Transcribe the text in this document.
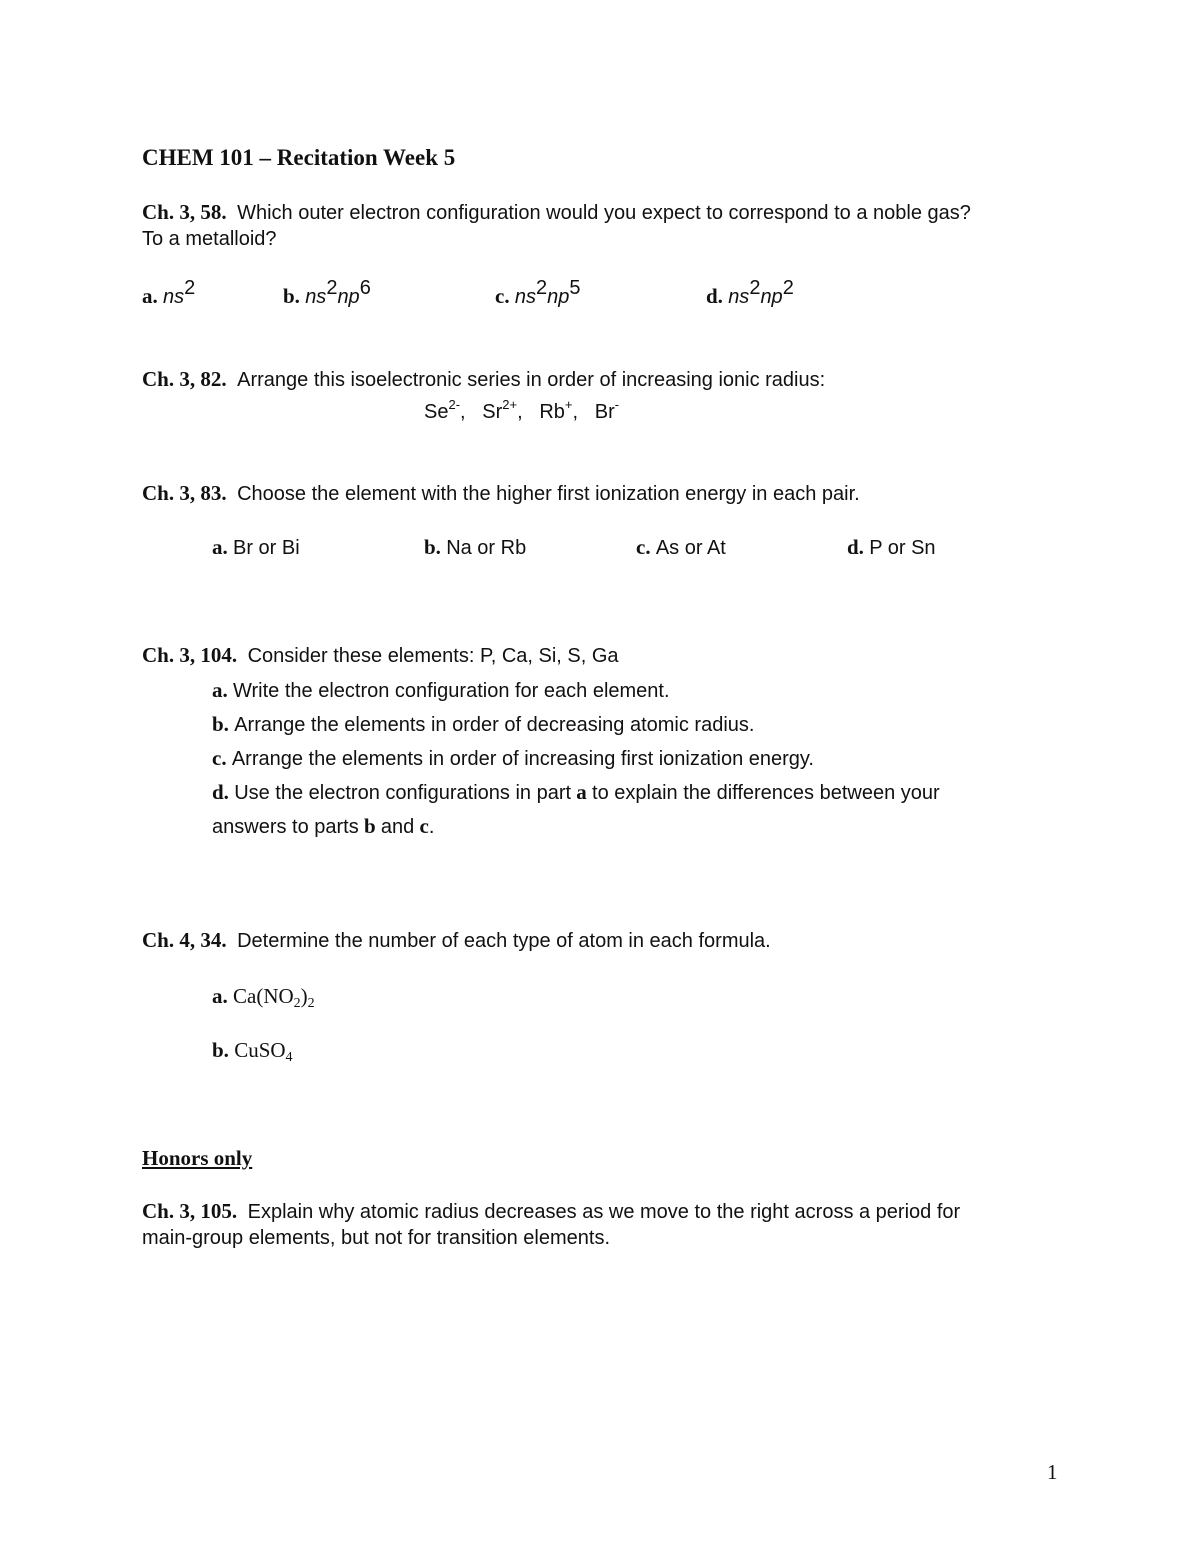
CHEM 101 – Recitation Week 5
Ch. 3, 58. Which outer electron configuration would you expect to correspond to a noble gas?
To a metalloid?
a. $ns^2$	b. $ns^2np^6$	c. $ns^2np^5$	d. $ns^2np^2$
Ch. 3, 82. Arrange this isoelectronic series in order of increasing ionic radius:
$Se^{2-}$, $Sr^{2+}$, Rb+, Br-
Ch. 3, 83. Choose the element with the higher first ionization energy in each pair.
a. Br or Bi	b. Na or Rb	c. As or At	d. P or Sn
Ch. 3, 104. Consider these elements: P, Ca, Si, S, Ga
a. Write the electron configuration for each element.
b. Arrange the elements in order of decreasing atomic radius.
c. Arrange the elements in order of increasing first ionization energy.
d. Use the electron configurations in part a to explain the differences between your
answers to parts b and c.
Ch. 4, 34. Determine the number of each type of atom in each formula.
a. $Ca(NO_2)_2$
b. CuSO$_4$
Honors only
Ch. 3, 105. Explain why atomic radius decreases as we move to the right across a period for
main-group elements, but not for transition elements.
1
